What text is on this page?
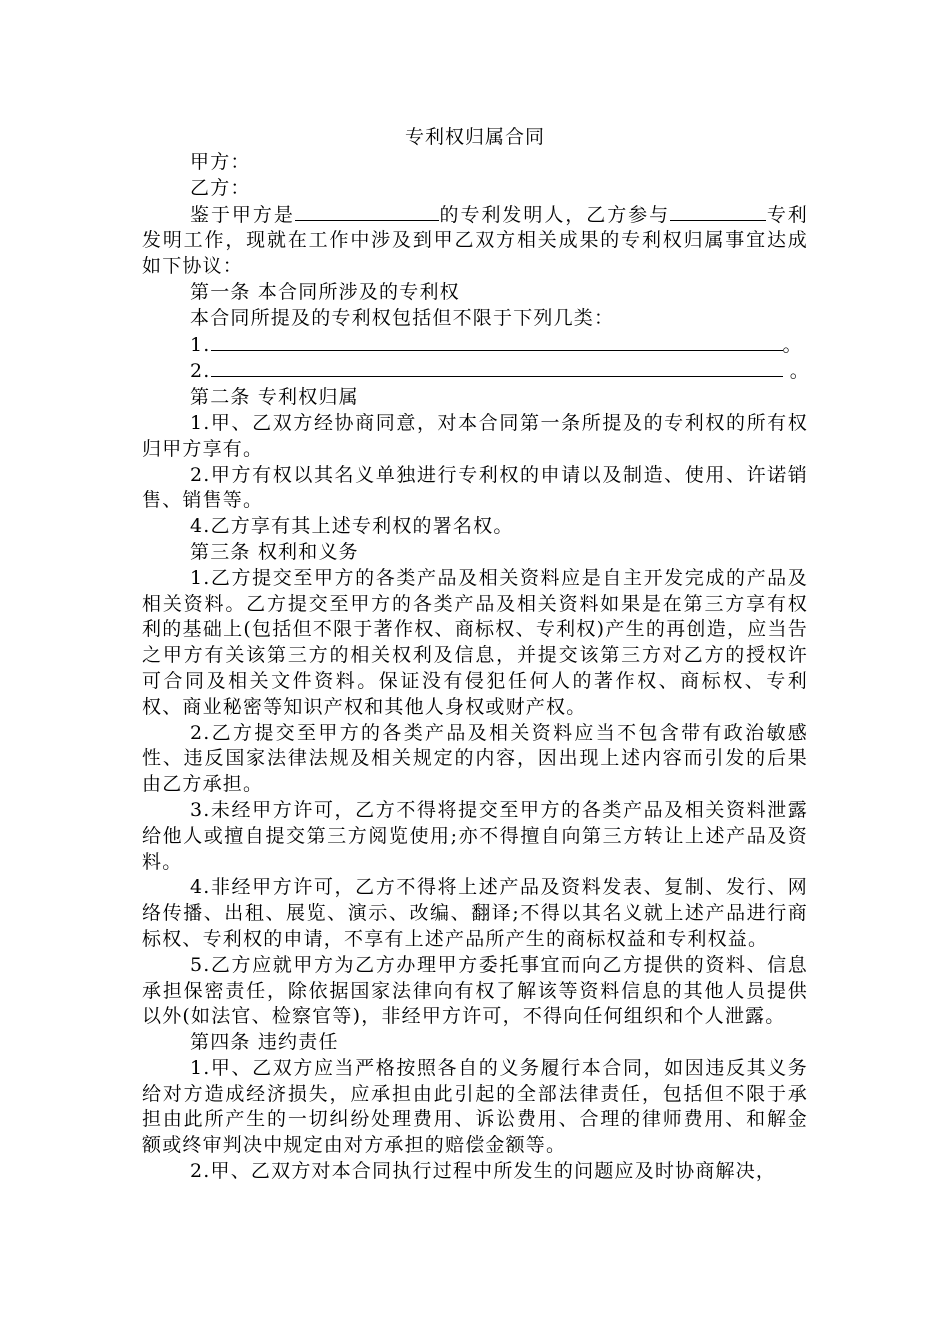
专利权归属合同

甲方：

乙方：

鉴于甲方是	的专利发明人，乙方参与	专利发明工作，现就在工作中涉及到甲乙双方相关成果的专利权归属事宜达成如下协议：

第一条 本合同所涉及的专利权

本合同所提及的专利权包括但不限于下列几类：

1.	。

2.	。

第二条 专利权归属

1.甲、乙双方经协商同意，对本合同第一条所提及的专利权的所有权归甲方享有。

2.甲方有权以其名义单独进行专利权的申请以及制造、使用、许诺销售、销售等。

4.乙方享有其上述专利权的署名权。

第三条 权利和义务

1.乙方提交至甲方的各类产品及相关资料应是自主开发完成的产品及相关资料。乙方提交至甲方的各类产品及相关资料如果是在第三方享有权利的基础上(包括但不限于著作权、商标权、专利权)产生的再创造，应当告之甲方有关该第三方的相关权利及信息，并提交该第三方对乙方的授权许可合同及相关文件资料。保证没有侵犯任何人的著作权、商标权、专利权、商业秘密等知识产权和其他人身权或财产权。

2.乙方提交至甲方的各类产品及相关资料应当不包含带有政治敏感性、违反国家法律法规及相关规定的内容，因出现上述内容而引发的后果由乙方承担。

3.未经甲方许可，乙方不得将提交至甲方的各类产品及相关资料泄露给他人或擅自提交第三方阅览使用;亦不得擅自向第三方转让上述产品及资料。

4.非经甲方许可，乙方不得将上述产品及资料发表、复制、发行、网络传播、出租、展览、演示、改编、翻译;不得以其名义就上述产品进行商标权、专利权的申请，不享有上述产品所产生的商标权益和专利权益。

5.乙方应就甲方为乙方办理甲方委托事宜而向乙方提供的资料、信息承担保密责任，除依据国家法律向有权了解该等资料信息的其他人员提供以外(如法官、检察官等)，非经甲方许可，不得向任何组织和个人泄露。

第四条 违约责任

1.甲、乙双方应当严格按照各自的义务履行本合同，如因违反其义务给对方造成经济损失，应承担由此引起的全部法律责任，包括但不限于承担由此所产生的一切纠纷处理费用、诉讼费用、合理的律师费用、和解金额或终审判决中规定由对方承担的赔偿金额等。

2.甲、乙双方对本合同执行过程中所发生的问题应及时协商解决，
